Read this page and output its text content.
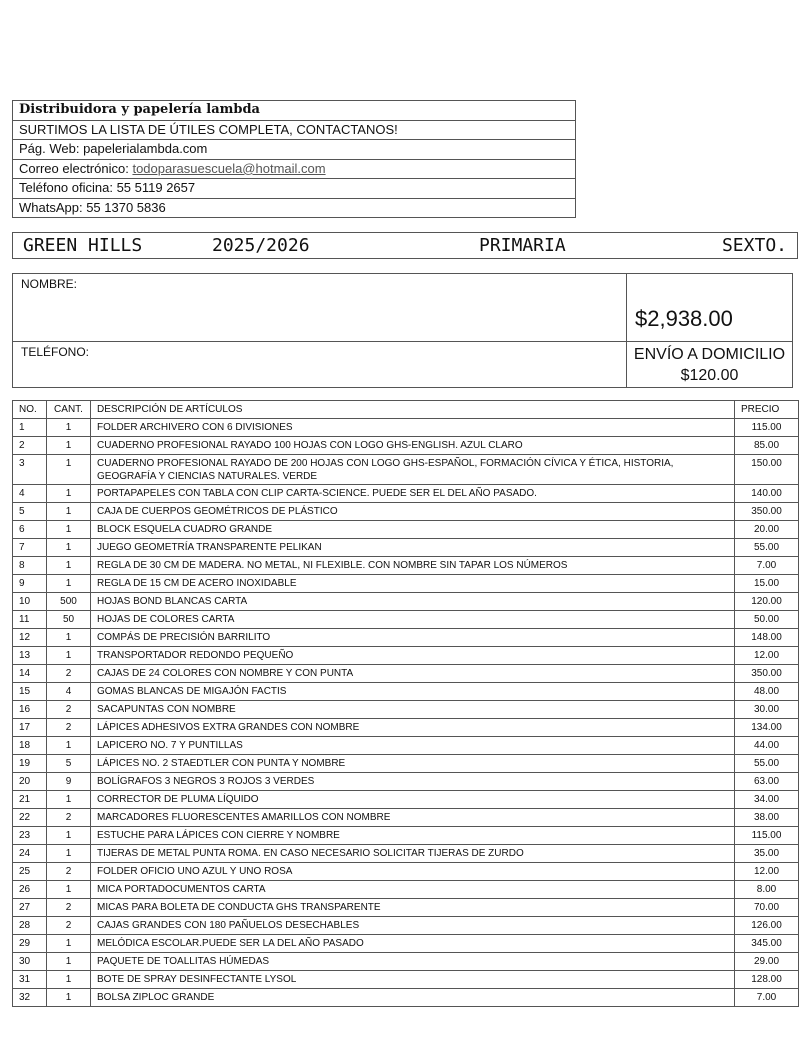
Distribuidora y papelería lambda
SURTIMOS LA LISTA DE ÚTILES COMPLETA, CONTACTANOS!
Pág. Web: papelerialambda.com
Correo electrónico: todoparasuescuela@hotmail.com
Teléfono oficina: 55 5119 2657
WhatsApp: 55 1370 5836
GREEN HILLS	2025/2026	PRIMARIA	SEXTO.
NOMBRE:	$2,938.00
TELÉFONO:	ENVÍO A DOMICILIO
$120.00
NO.	CANT.	DESCRIPCIÓN DE ARTÍCULOS	PRECIO
1	1	FOLDER ARCHIVERO CON 6 DIVISIONES	115.00
2	1	CUADERNO PROFESIONAL RAYADO 100 HOJAS CON LOGO GHS-ENGLISH. AZUL CLARO	85.00
3	1	CUADERNO PROFESIONAL RAYADO DE 200 HOJAS CON LOGO GHS-ESPAÑOL, FORMACIÓN CÍVICA Y ÉTICA, HISTORIA, GEOGRAFÍA Y CIENCIAS NATURALES. VERDE	150.00
4	1	PORTAPAPELES CON TABLA CON CLIP CARTA-SCIENCE. PUEDE SER EL DEL AÑO PASADO.	140.00
5	1	CAJA DE CUERPOS GEOMÉTRICOS DE PLÁSTICO	350.00
6	1	BLOCK ESQUELA CUADRO GRANDE	20.00
7	1	JUEGO GEOMETRÍA TRANSPARENTE PELIKAN	55.00
8	1	REGLA DE 30 CM DE MADERA. NO METAL, NI FLEXIBLE. CON NOMBRE SIN TAPAR LOS NÚMEROS	7.00
9	1	REGLA DE 15 CM DE ACERO INOXIDABLE	15.00
10	500	HOJAS BOND BLANCAS CARTA	120.00
11	50	HOJAS DE COLORES CARTA	50.00
12	1	COMPÁS DE PRECISIÓN BARRILITO	148.00
13	1	TRANSPORTADOR REDONDO PEQUEÑO	12.00
14	2	CAJAS DE 24 COLORES CON NOMBRE Y CON PUNTA	350.00
15	4	GOMAS BLANCAS DE MIGAJÓN FACTIS	48.00
16	2	SACAPUNTAS CON NOMBRE	30.00
17	2	LÁPICES ADHESIVOS EXTRA GRANDES CON NOMBRE	134.00
18	1	LAPICERO NO. 7 Y PUNTILLAS	44.00
19	5	LÁPICES NO. 2 STAEDTLER CON PUNTA Y NOMBRE	55.00
20	9	BOLÍGRAFOS 3 NEGROS 3 ROJOS 3 VERDES	63.00
21	1	CORRECTOR DE PLUMA LÍQUIDO	34.00
22	2	MARCADORES FLUORESCENTES AMARILLOS CON NOMBRE	38.00
23	1	ESTUCHE PARA LÁPICES CON CIERRE Y NOMBRE	115.00
24	1	TIJERAS DE METAL PUNTA ROMA. EN CASO NECESARIO SOLICITAR TIJERAS DE ZURDO	35.00
25	2	FOLDER OFICIO UNO AZUL Y UNO ROSA	12.00
26	1	MICA PORTADOCUMENTOS CARTA	8.00
27	2	MICAS PARA BOLETA DE CONDUCTA GHS TRANSPARENTE	70.00
28	2	CAJAS GRANDES CON 180 PAÑUELOS DESECHABLES	126.00
29	1	MELÓDICA ESCOLAR.PUEDE SER LA DEL AÑO PASADO	345.00
30	1	PAQUETE DE TOALLITAS HÚMEDAS	29.00
31	1	BOTE DE SPRAY DESINFECTANTE LYSOL	128.00
32	1	BOLSA ZIPLOC GRANDE	7.00
